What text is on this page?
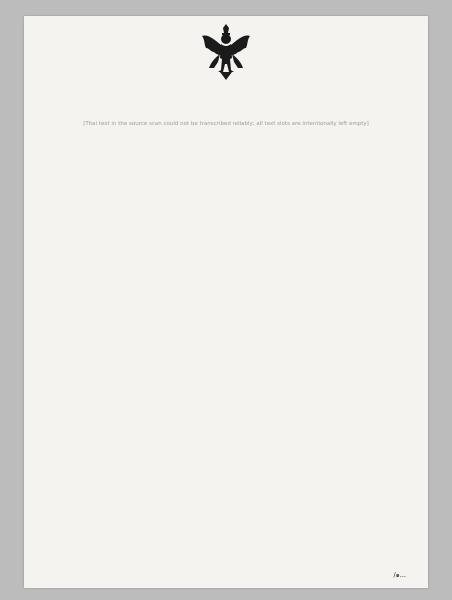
[Thai text in the source scan could not be transcribed reliably; all text slots are intentionally left empty]
/๑...
